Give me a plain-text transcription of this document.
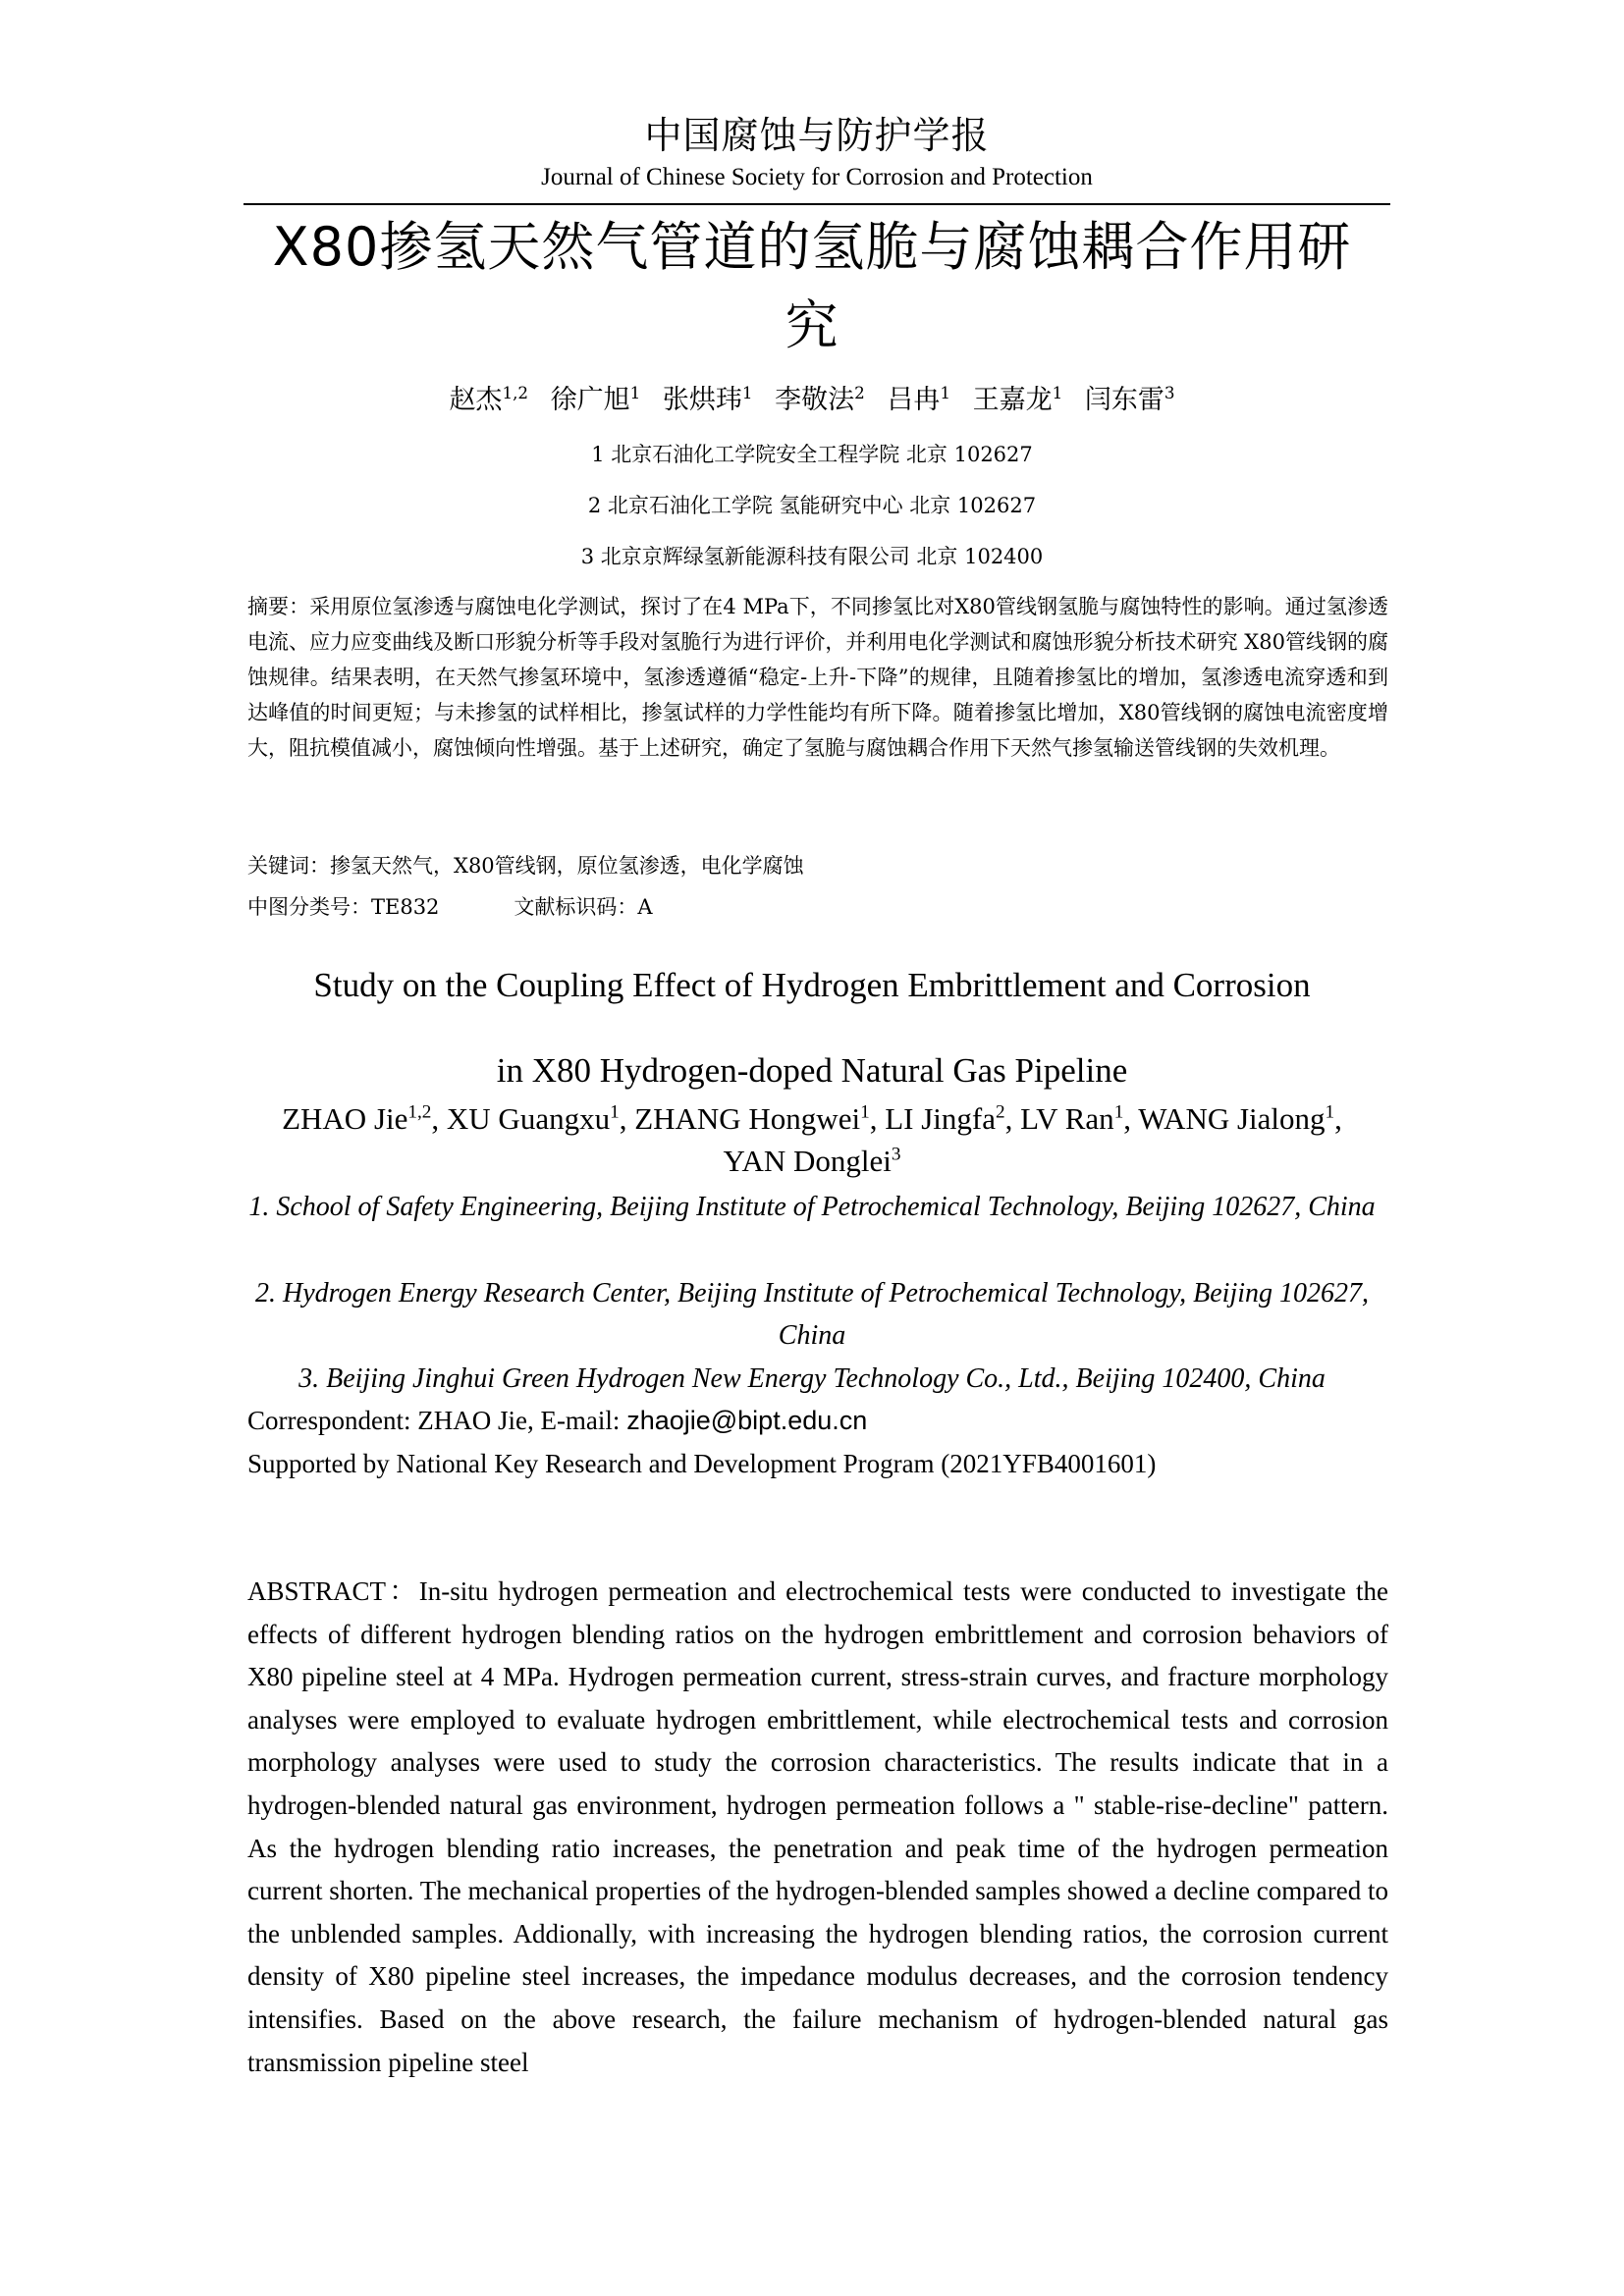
中国腐蚀与防护学报
Journal of Chinese Society for Corrosion and Protection
X80掺氢天然气管道的氢脆与腐蚀耦合作用研究
赵杰$^{1,2}$ 徐广旭$^1$ 张烘玮$^1$ 李敬法$^2$ 吕冉$^1$ 王嘉龙$^1$ 闫东雷$^3$
1 北京石油化工学院安全工程学院 北京 102627
2 北京石油化工学院 氢能研究中心 北京 102627
3 北京京辉绿氢新能源科技有限公司 北京 102400
摘要：采用原位氢渗透与腐蚀电化学测试，探讨了在4 MPa下，不同掺氢比对X80管线钢氢脆与腐蚀特性的影响。通过氢渗透电流、应力应变曲线及断口形貌分析等手段对氢脆行为进行评价，并利用电化学测试和腐蚀形貌分析技术研究 X80管线钢的腐蚀规律。结果表明，在天然气掺氢环境中，氢渗透遵循“稳定-上升-下降”的规律，且随着掺氢比的增加，氢渗透电流穿透和到达峰值的时间更短；与未掺氢的试样相比，掺氢试样的力学性能均有所下降。随着掺氢比增加，X80管线钢的腐蚀电流密度增大，阻抗模值减小，腐蚀倾向性增强。基于上述研究，确定了氢脆与腐蚀耦合作用下天然气掺氢输送管线钢的失效机理。
关键词：掺氢天然气，X80管线钢，原位氢渗透，电化学腐蚀
中图分类号：TE832	文献标识码：A
Study on the Coupling Effect of Hydrogen Embrittlement and Corrosion
in X80 Hydrogen-doped Natural Gas Pipeline
ZHAO Jie$^{1,2}$, XU Guangxu$^1$, ZHANG Hongwei$^1$, LI Jingfa$^2$, LV Ran$^1$, WANG Jialong$^1$, YAN Donglei$^3$
1. School of Safety Engineering, Beijing Institute of Petrochemical Technology, Beijing 102627, China
2. Hydrogen Energy Research Center, Beijing Institute of Petrochemical Technology, Beijing 102627, China
3. Beijing Jinghui Green Hydrogen New Energy Technology Co., Ltd., Beijing 102400, China
Correspondent: ZHAO Jie, E-mail: zhaojie@bipt.edu.cn
Supported by National Key Research and Development Program (2021YFB4001601)
ABSTRACT：In-situ hydrogen permeation and electrochemical tests were conducted to investigate the effects of different hydrogen blending ratios on the hydrogen embrittlement and corrosion behaviors of X80 pipeline steel at 4 MPa. Hydrogen permeation current, stress-strain curves, and fracture morphology analyses were employed to evaluate hydrogen embrittlement, while electrochemical tests and corrosion morphology analyses were used to study the corrosion characteristics. The results indicate that in a hydrogen-blended natural gas environment, hydrogen permeation follows a " stable-rise-decline" pattern. As the hydrogen blending ratio increases, the penetration and peak time of the hydrogen permeation current shorten. The mechanical properties of the hydrogen-blended samples showed a decline compared to the unblended samples. Addionally, with increasing the hydrogen blending ratios, the corrosion current density of X80 pipeline steel increases, the impedance modulus decreases, and the corrosion tendency intensifies. Based on the above research, the failure mechanism of hydrogen-blended natural gas transmission pipeline steel
